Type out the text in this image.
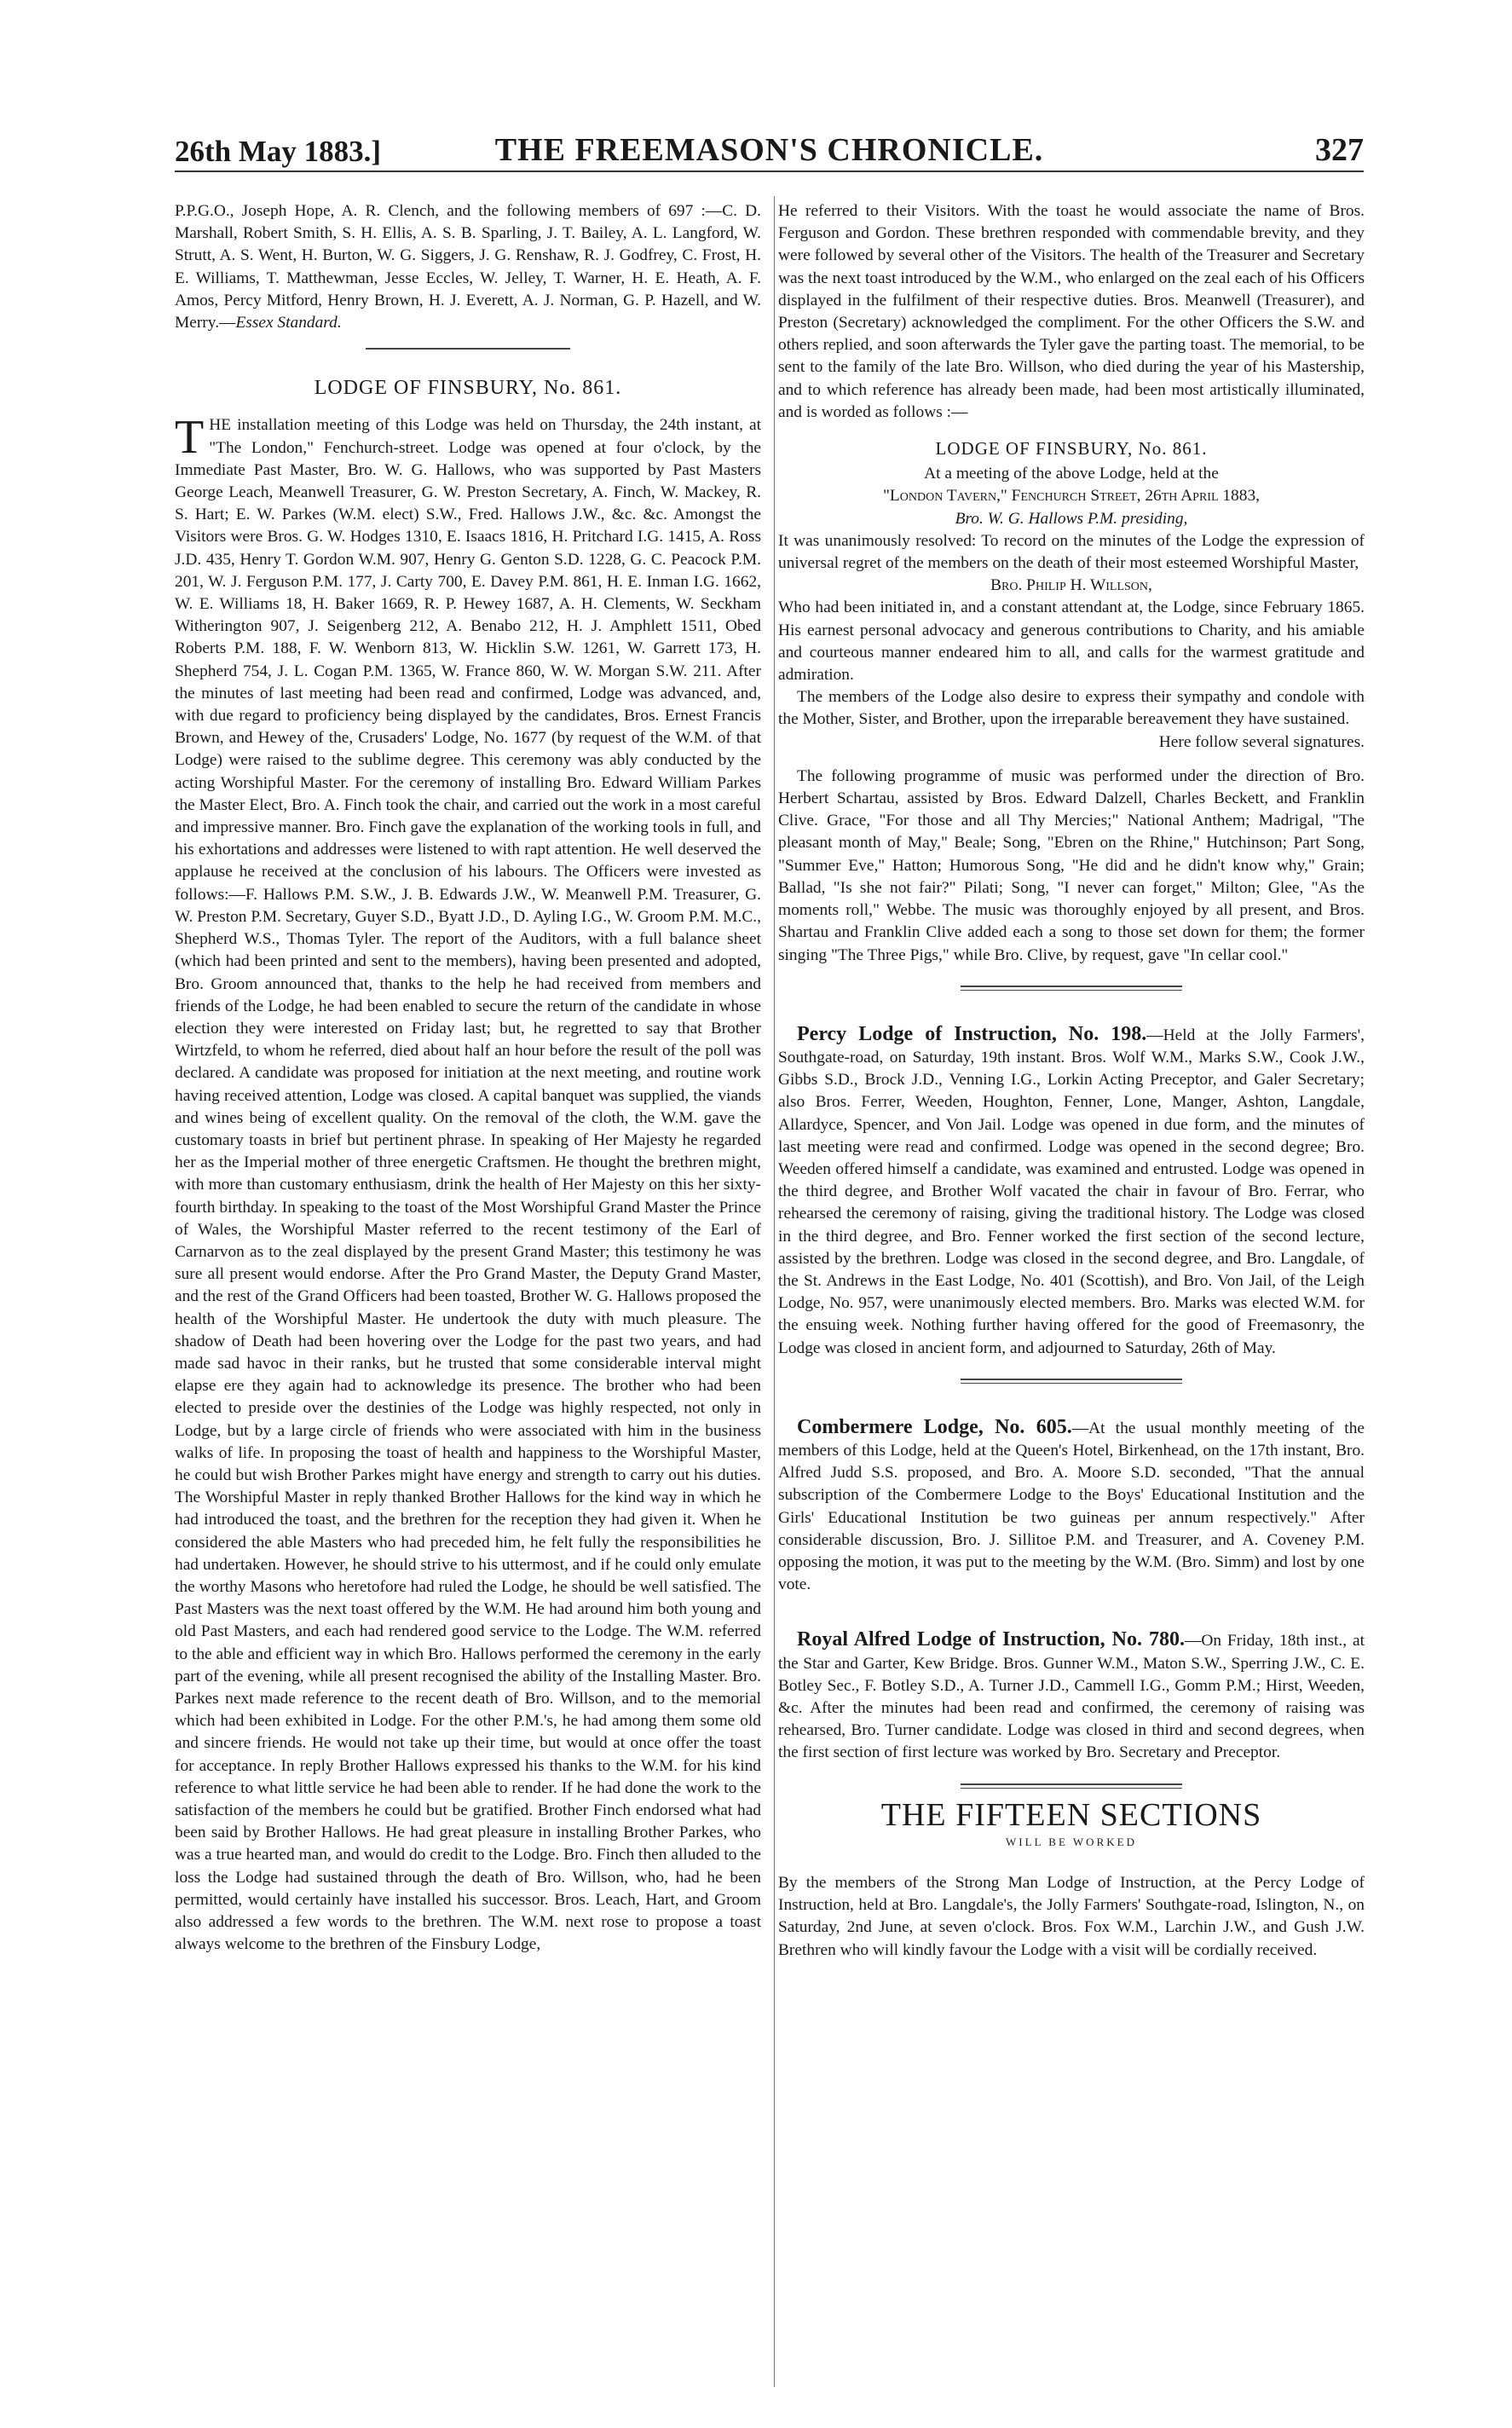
26th May 1883.]	THE FREEMASON'S CHRONICLE.	327

P.P.G.O., Joseph Hope, A. R. Clench, and the following members of 697 :—C. D. Marshall, Robert Smith, S. H. Ellis, A. S. B. Sparling, J. T. Bailey, A. L. Langford, W. Strutt, A. S. Went, H. Burton, W. G. Siggers, J. G. Renshaw, R. J. Godfrey, C. Frost, H. E. Williams, T. Matthewman, Jesse Eccles, W. Jelley, T. Warner, H. E. Heath, A. F. Amos, Percy Mitford, Henry Brown, H. J. Everett, A. J. Norman, G. P. Hazell, and W. Merry.—Essex Standard.

LODGE OF FINSBURY, No. 861.

THE installation meeting of this Lodge was held on Thursday, the 24th instant, at "The London," Fenchurch-street. Lodge was opened at four o'clock, by the Immediate Past Master, Bro. W. G. Hallows, who was supported by Past Masters George Leach, Meanwell Treasurer, G. W. Preston Secretary, A. Finch, W. Mackey, R. S. Hart; E. W. Parkes (W.M. elect) S.W., Fred. Hallows J.W., &c. &c. Amongst the Visitors were Bros. G. W. Hodges 1310, E. Isaacs 1816, H. Pritchard I.G. 1415, A. Ross J.D. 435, Henry T. Gordon W.M. 907, Henry G. Genton S.D. 1228, G. C. Peacock P.M. 201, W. J. Ferguson P.M. 177, J. Carty 700, E. Davey P.M. 861, H. E. Inman I.G. 1662, W. E. Williams 18, H. Baker 1669, R. P. Hewey 1687, A. H. Clements, W. Seckham Witherington 907, J. Seigenberg 212, A. Benabo 212, H. J. Amphlett 1511, Obed Roberts P.M. 188, F. W. Wenborn 813, W. Hicklin S.W. 1261, W. Garrett 173, H. Shepherd 754, J. L. Cogan P.M. 1365, W. France 860, W. W. Morgan S.W. 211. After the minutes of last meeting had been read and confirmed, Lodge was advanced, and, with due regard to proficiency being displayed by the candidates, Bros. Ernest Francis Brown, and Hewey of the, Crusaders' Lodge, No. 1677 (by request of the W.M. of that Lodge) were raised to the sublime degree. This ceremony was ably conducted by the acting Worshipful Master. For the ceremony of installing Bro. Edward William Parkes the Master Elect, Bro. A. Finch took the chair, and carried out the work in a most careful and impressive manner. Bro. Finch gave the explanation of the working tools in full, and his exhortations and addresses were listened to with rapt attention. He well deserved the applause he received at the conclusion of his labours. The Officers were invested as follows:—F. Hallows P.M. S.W., J. B. Edwards J.W., W. Meanwell P.M. Treasurer, G. W. Preston P.M. Secretary, Guyer S.D., Byatt J.D., D. Ayling I.G., W. Groom P.M. M.C., Shepherd W.S., Thomas Tyler. The report of the Auditors, with a full balance sheet (which had been printed and sent to the members), having been presented and adopted, Bro. Groom announced that, thanks to the help he had received from members and friends of the Lodge, he had been enabled to secure the return of the candidate in whose election they were interested on Friday last; but, he regretted to say that Brother Wirtzfeld, to whom he referred, died about half an hour before the result of the poll was declared. A candidate was proposed for initiation at the next meeting, and routine work having received attention, Lodge was closed. A capital banquet was supplied, the viands and wines being of excellent quality. On the removal of the cloth, the W.M. gave the customary toasts in brief but pertinent phrase. In speaking of Her Majesty he regarded her as the Imperial mother of three energetic Craftsmen. He thought the brethren might, with more than customary enthusiasm, drink the health of Her Majesty on this her sixty-fourth birthday. In speaking to the toast of the Most Worshipful Grand Master the Prince of Wales, the Worshipful Master referred to the recent testimony of the Earl of Carnarvon as to the zeal displayed by the present Grand Master; this testimony he was sure all present would endorse. After the Pro Grand Master, the Deputy Grand Master, and the rest of the Grand Officers had been toasted, Brother W. G. Hallows proposed the health of the Worshipful Master. He undertook the duty with much pleasure. The shadow of Death had been hovering over the Lodge for the past two years, and had made sad havoc in their ranks, but he trusted that some considerable interval might elapse ere they again had to acknowledge its presence. The brother who had been elected to preside over the destinies of the Lodge was highly respected, not only in Lodge, but by a large circle of friends who were associated with him in the business walks of life. In proposing the toast of health and happiness to the Worshipful Master, he could but wish Brother Parkes might have energy and strength to carry out his duties. The Worshipful Master in reply thanked Brother Hallows for the kind way in which he had introduced the toast, and the brethren for the reception they had given it. When he considered the able Masters who had preceded him, he felt fully the responsibilities he had undertaken. However, he should strive to his uttermost, and if he could only emulate the worthy Masons who heretofore had ruled the Lodge, he should be well satisfied. The Past Masters was the next toast offered by the W.M. He had around him both young and old Past Masters, and each had rendered good service to the Lodge. The W.M. referred to the able and efficient way in which Bro. Hallows performed the ceremony in the early part of the evening, while all present recognised the ability of the Installing Master. Bro. Parkes next made reference to the recent death of Bro. Willson, and to the memorial which had been exhibited in Lodge. For the other P.M.'s, he had among them some old and sincere friends. He would not take up their time, but would at once offer the toast for acceptance. In reply Brother Hallows expressed his thanks to the W.M. for his kind reference to what little service he had been able to render. If he had done the work to the satisfaction of the members he could but be gratified. Brother Finch endorsed what had been said by Brother Hallows. He had great pleasure in installing Brother Parkes, who was a true hearted man, and would do credit to the Lodge. Bro. Finch then alluded to the loss the Lodge had sustained through the death of Bro. Willson, who, had he been permitted, would certainly have installed his successor. Bros. Leach, Hart, and Groom also addressed a few words to the brethren. The W.M. next rose to propose a toast always welcome to the brethren of the Finsbury Lodge,

He referred to their Visitors. With the toast he would associate the name of Bros. Ferguson and Gordon. These brethren responded with commendable brevity, and they were followed by several other of the Visitors. The health of the Treasurer and Secretary was the next toast introduced by the W.M., who enlarged on the zeal each of his Officers displayed in the fulfilment of their respective duties. Bros. Meanwell (Treasurer), and Preston (Secretary) acknowledged the compliment. For the other Officers the S.W. and others replied, and soon afterwards the Tyler gave the parting toast. The memorial, to be sent to the family of the late Bro. Willson, who died during the year of his Mastership, and to which reference has already been made, had been most artistically illuminated, and is worded as follows :—

LODGE OF FINSBURY, No. 861.

At a meeting of the above Lodge, held at the

"London Tavern," Fenchurch Street, 26th April 1883,

Bro. W. G. Hallows P.M. presiding,

It was unanimously resolved: To record on the minutes of the Lodge the expression of universal regret of the members on the death of their most esteemed Worshipful Master,

Bro. Philip H. Willson,

Who had been initiated in, and a constant attendant at, the Lodge, since February 1865. His earnest personal advocacy and generous contributions to Charity, and his amiable and courteous manner endeared him to all, and calls for the warmest gratitude and admiration.

The members of the Lodge also desire to express their sympathy and condole with the Mother, Sister, and Brother, upon the irreparable bereavement they have sustained.

Here follow several signatures.

The following programme of music was performed under the direction of Bro. Herbert Schartau, assisted by Bros. Edward Dalzell, Charles Beckett, and Franklin Clive. Grace, "For those and all Thy Mercies;" National Anthem; Madrigal, "The pleasant month of May," Beale; Song, "Ebren on the Rhine," Hutchinson; Part Song, "Summer Eve," Hatton; Humorous Song, "He did and he didn't know why," Grain; Ballad, "Is she not fair?" Pilati; Song, "I never can forget," Milton; Glee, "As the moments roll," Webbe. The music was thoroughly enjoyed by all present, and Bros. Shartau and Franklin Clive added each a song to those set down for them; the former singing "The Three Pigs," while Bro. Clive, by request, gave "In cellar cool."

Percy Lodge of Instruction, No. 198.—Held at the Jolly Farmers', Southgate-road, on Saturday, 19th instant. Bros. Wolf W.M., Marks S.W., Cook J.W., Gibbs S.D., Brock J.D., Venning I.G., Lorkin Acting Preceptor, and Galer Secretary; also Bros. Ferrer, Weeden, Houghton, Fenner, Lone, Manger, Ashton, Langdale, Allardyce, Spencer, and Von Jail. Lodge was opened in due form, and the minutes of last meeting were read and confirmed. Lodge was opened in the second degree; Bro. Weeden offered himself a candidate, was examined and entrusted. Lodge was opened in the third degree, and Brother Wolf vacated the chair in favour of Bro. Ferrar, who rehearsed the ceremony of raising, giving the traditional history. The Lodge was closed in the third degree, and Bro. Fenner worked the first section of the second lecture, assisted by the brethren. Lodge was closed in the second degree, and Bro. Langdale, of the St. Andrews in the East Lodge, No. 401 (Scottish), and Bro. Von Jail, of the Leigh Lodge, No. 957, were unanimously elected members. Bro. Marks was elected W.M. for the ensuing week. Nothing further having offered for the good of Freemasonry, the Lodge was closed in ancient form, and adjourned to Saturday, 26th of May.

Combermere Lodge, No. 605.—At the usual monthly meeting of the members of this Lodge, held at the Queen's Hotel, Birkenhead, on the 17th instant, Bro. Alfred Judd S.S. proposed, and Bro. A. Moore S.D. seconded, "That the annual subscription of the Combermere Lodge to the Boys' Educational Institution and the Girls' Educational Institution be two guineas per annum respectively." After considerable discussion, Bro. J. Sillitoe P.M. and Treasurer, and A. Coveney P.M. opposing the motion, it was put to the meeting by the W.M. (Bro. Simm) and lost by one vote.

Royal Alfred Lodge of Instruction, No. 780.—On Friday, 18th inst., at the Star and Garter, Kew Bridge. Bros. Gunner W.M., Maton S.W., Sperring J.W., C. E. Botley Sec., F. Botley S.D., A. Turner J.D., Cammell I.G., Gomm P.M.; Hirst, Weeden, &c. After the minutes had been read and confirmed, the ceremony of raising was rehearsed, Bro. Turner candidate. Lodge was closed in third and second degrees, when the first section of first lecture was worked by Bro. Secretary and Preceptor.

THE FIFTEEN SECTIONS
WILL BE WORKED

By the members of the Strong Man Lodge of Instruction, at the Percy Lodge of Instruction, held at Bro. Langdale's, the Jolly Farmers' Southgate-road, Islington, N., on Saturday, 2nd June, at seven o'clock. Bros. Fox W.M., Larchin J.W., and Gush J.W. Brethren who will kindly favour the Lodge with a visit will be cordially received.
